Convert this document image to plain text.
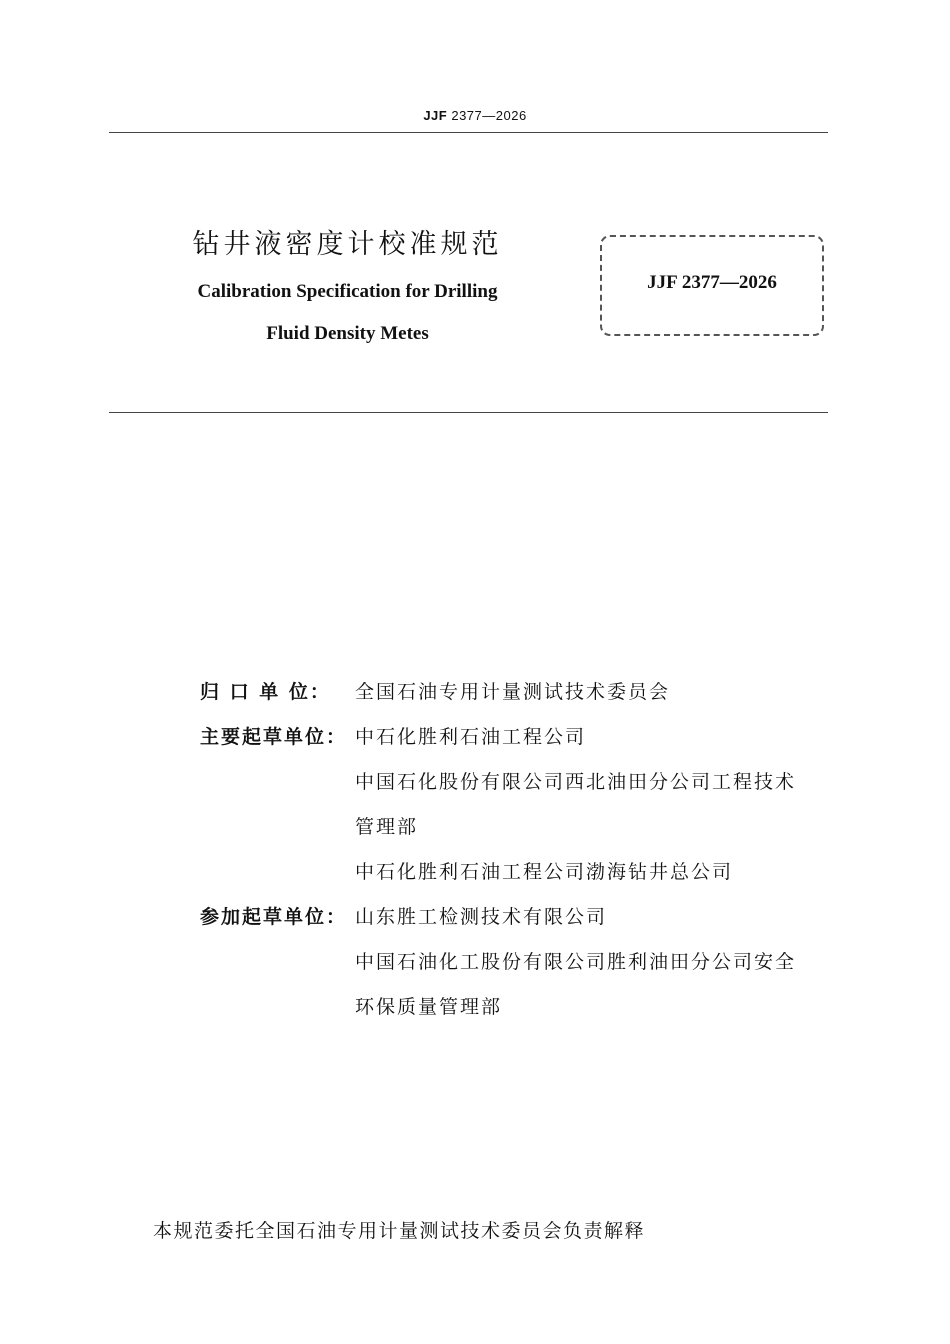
JJF 2377—2026
钻井液密度计校准规范
Calibration Specification for Drilling
Fluid Density Metes
JJF 2377—2026
归 口 单 位：	全国石油专用计量测试技术委员会
主要起草单位： 中石化胜利石油工程公司
中国石化股份有限公司西北油田分公司工程技术
管理部
中石化胜利石油工程公司渤海钻井总公司
参加起草单位： 山东胜工检测技术有限公司
中国石油化工股份有限公司胜利油田分公司安全
环保质量管理部
本规范委托全国石油专用计量测试技术委员会负责解释
